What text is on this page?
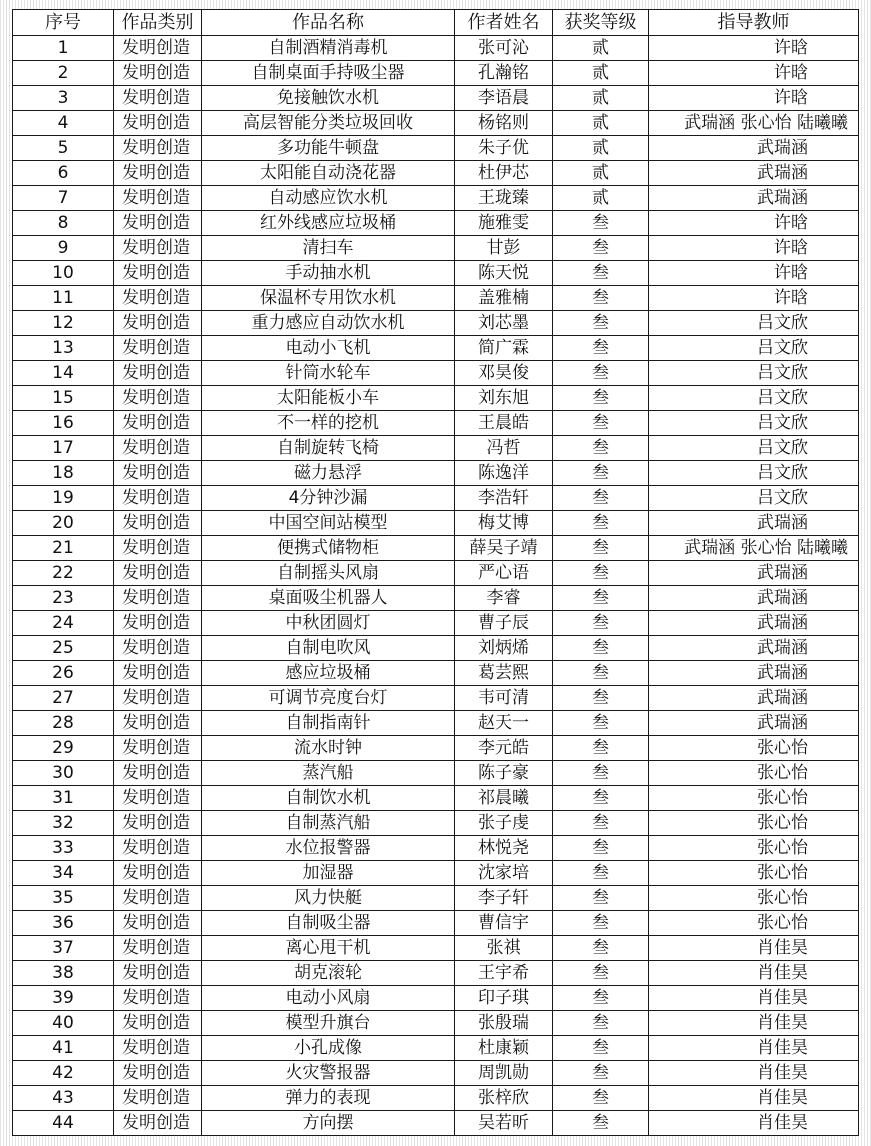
序号	作品类别	作品名称	作者姓名	获奖等级	指导教师
1	发明创造	自制酒精消毒机	张可沁	贰	许晗
2	发明创造	自制桌面手持吸尘器	孔瀚铭	贰	许晗
3	发明创造	免接触饮水机	李语晨	贰	许晗
4	发明创造	高层智能分类垃圾回收	杨铭则	贰	武瑞涵 张心怡 陆曦曦
5	发明创造	多功能牛顿盘	朱子优	贰	武瑞涵
6	发明创造	太阳能自动浇花器	杜伊芯	贰	武瑞涵
7	发明创造	自动感应饮水机	王珑臻	贰	武瑞涵
8	发明创造	红外线感应垃圾桶	施雅雯	叁	许晗
9	发明创造	清扫车	甘彭	叁	许晗
10	发明创造	手动抽水机	陈天悦	叁	许晗
11	发明创造	保温杯专用饮水机	盖雅楠	叁	许晗
12	发明创造	重力感应自动饮水机	刘芯墨	叁	吕文欣
13	发明创造	电动小飞机	简广霖	叁	吕文欣
14	发明创造	针筒水轮车	邓昊俊	叁	吕文欣
15	发明创造	太阳能板小车	刘东旭	叁	吕文欣
16	发明创造	不一样的挖机	王晨皓	叁	吕文欣
17	发明创造	自制旋转飞椅	冯哲	叁	吕文欣
18	发明创造	磁力悬浮	陈逸洋	叁	吕文欣
19	发明创造	4分钟沙漏	李浩轩	叁	吕文欣
20	发明创造	中国空间站模型	梅艾博	叁	武瑞涵
21	发明创造	便携式储物柜	薛吴子靖	叁	武瑞涵 张心怡 陆曦曦
22	发明创造	自制摇头风扇	严心语	叁	武瑞涵
23	发明创造	桌面吸尘机器人	李睿	叁	武瑞涵
24	发明创造	中秋团圆灯	曹子辰	叁	武瑞涵
25	发明创造	自制电吹风	刘炳烯	叁	武瑞涵
26	发明创造	感应垃圾桶	葛芸熙	叁	武瑞涵
27	发明创造	可调节亮度台灯	韦可清	叁	武瑞涵
28	发明创造	自制指南针	赵天一	叁	武瑞涵
29	发明创造	流水时钟	李元皓	叁	张心怡
30	发明创造	蒸汽船	陈子豪	叁	张心怡
31	发明创造	自制饮水机	祁晨曦	叁	张心怡
32	发明创造	自制蒸汽船	张子虔	叁	张心怡
33	发明创造	水位报警器	林悦尧	叁	张心怡
34	发明创造	加湿器	沈家培	叁	张心怡
35	发明创造	风力快艇	李子轩	叁	张心怡
36	发明创造	自制吸尘器	曹信宇	叁	张心怡
37	发明创造	离心甩干机	张祺	叁	肖佳昊
38	发明创造	胡克滚轮	王宇希	叁	肖佳昊
39	发明创造	电动小风扇	印子琪	叁	肖佳昊
40	发明创造	模型升旗台	张殷瑞	叁	肖佳昊
41	发明创造	小孔成像	杜康颖	叁	肖佳昊
42	发明创造	火灾警报器	周凯勋	叁	肖佳昊
43	发明创造	弹力的表现	张梓欣	叁	肖佳昊
44	发明创造	方向摆	吴若昕	叁	肖佳昊
